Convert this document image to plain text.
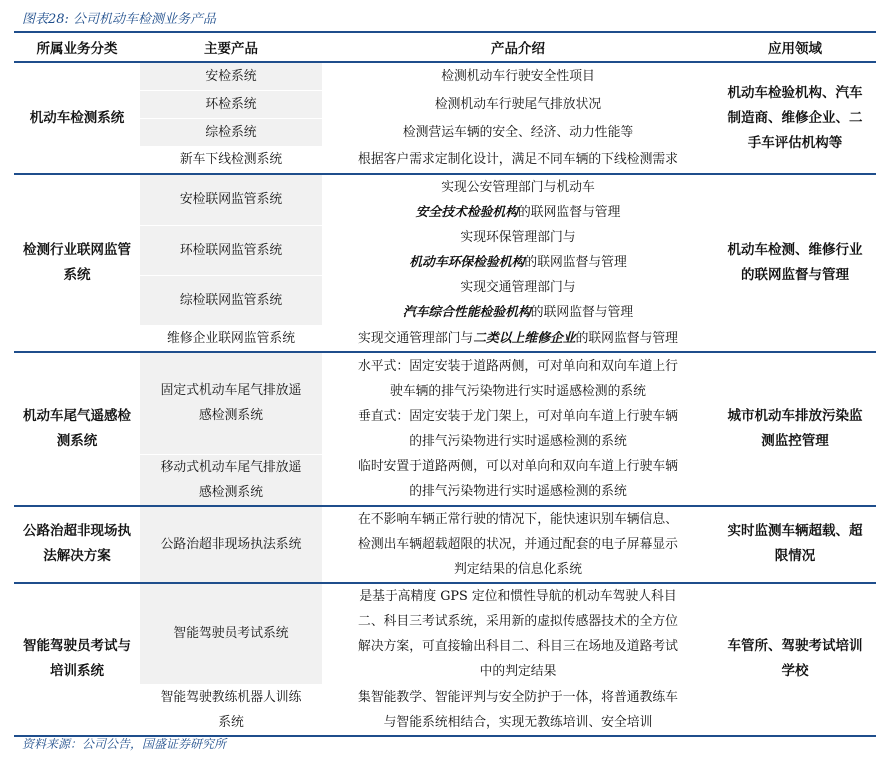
图表28: 公司机动车检测业务产品
所属业务分类	主要产品	产品介绍	应用领域
机动车检测系统	安检系统	检测机动车行驶安全性项目	机动车检验机构、汽车制造商、维修企业、二手车评估机构等
	环检系统	检测机动车行驶尾气排放状况	
	综检系统	检测营运车辆的安全、经济、动力性能等	
	新车下线检测系统	根据客户需求定制化设计，满足不同车辆的下线检测需求	
检测行业联网监管系统	安检联网监管系统	实现公安管理部门与机动车
安全技术检验机构的联网监督与管理	机动车检测、维修行业的联网监督与管理
	环检联网监管系统	实现环保管理部门与
机动车环保检验机构的联网监督与管理	

	综检联网监管系统	实现交通管理部门与
汽车综合性能检验机构的联网监督与管理	

	维修企业联网监管系统	实现交通管理部门与二类以上维修企业的联网监督与管理	
机动车尾气遥感检测系统	固定式机动车尾气排放遥感检测系统	水平式：固定安装于道路两侧，可对单向和双向车道上行
驶车辆的排气污染物进行实时遥感检测的系统
垂直式：固定安装于龙门架上，可对单向车道上行驶车辆
的排气污染物进行实时遥感检测的系统	城市机动车排放污染监测监控管理
	移动式机动车尾气排放遥感检测系统	临时安置于道路两侧，可以对单向和双向车道上行驶车辆
的排气污染物进行实时遥感检测的系统	

公路治超非现场执法解决方案	公路治超非现场执法系统	在不影响车辆正常行驶的情况下，能快速识别车辆信息、
检测出车辆超载超限的状况，并通过配套的电子屏幕显示
判定结果的信息化系统	实时监测车辆超载、超限情况
智能驾驶员考试与培训系统	智能驾驶员考试系统	是基于高精度 GPS 定位和惯性导航的机动车驾驶人科目
二、科目三考试系统，采用新的虚拟传感器技术的全方位
解决方案，可直接输出科目二、科目三在场地及道路考试
中的判定结果	车管所、驾驶考试培训学校
	智能驾驶教练机器人训练系统	集智能教学、智能评判与安全防护于一体，将普通教练车
与智能系统相结合，实现无教练培训、安全培训	
资料来源：公司公告，国盛证券研究所
